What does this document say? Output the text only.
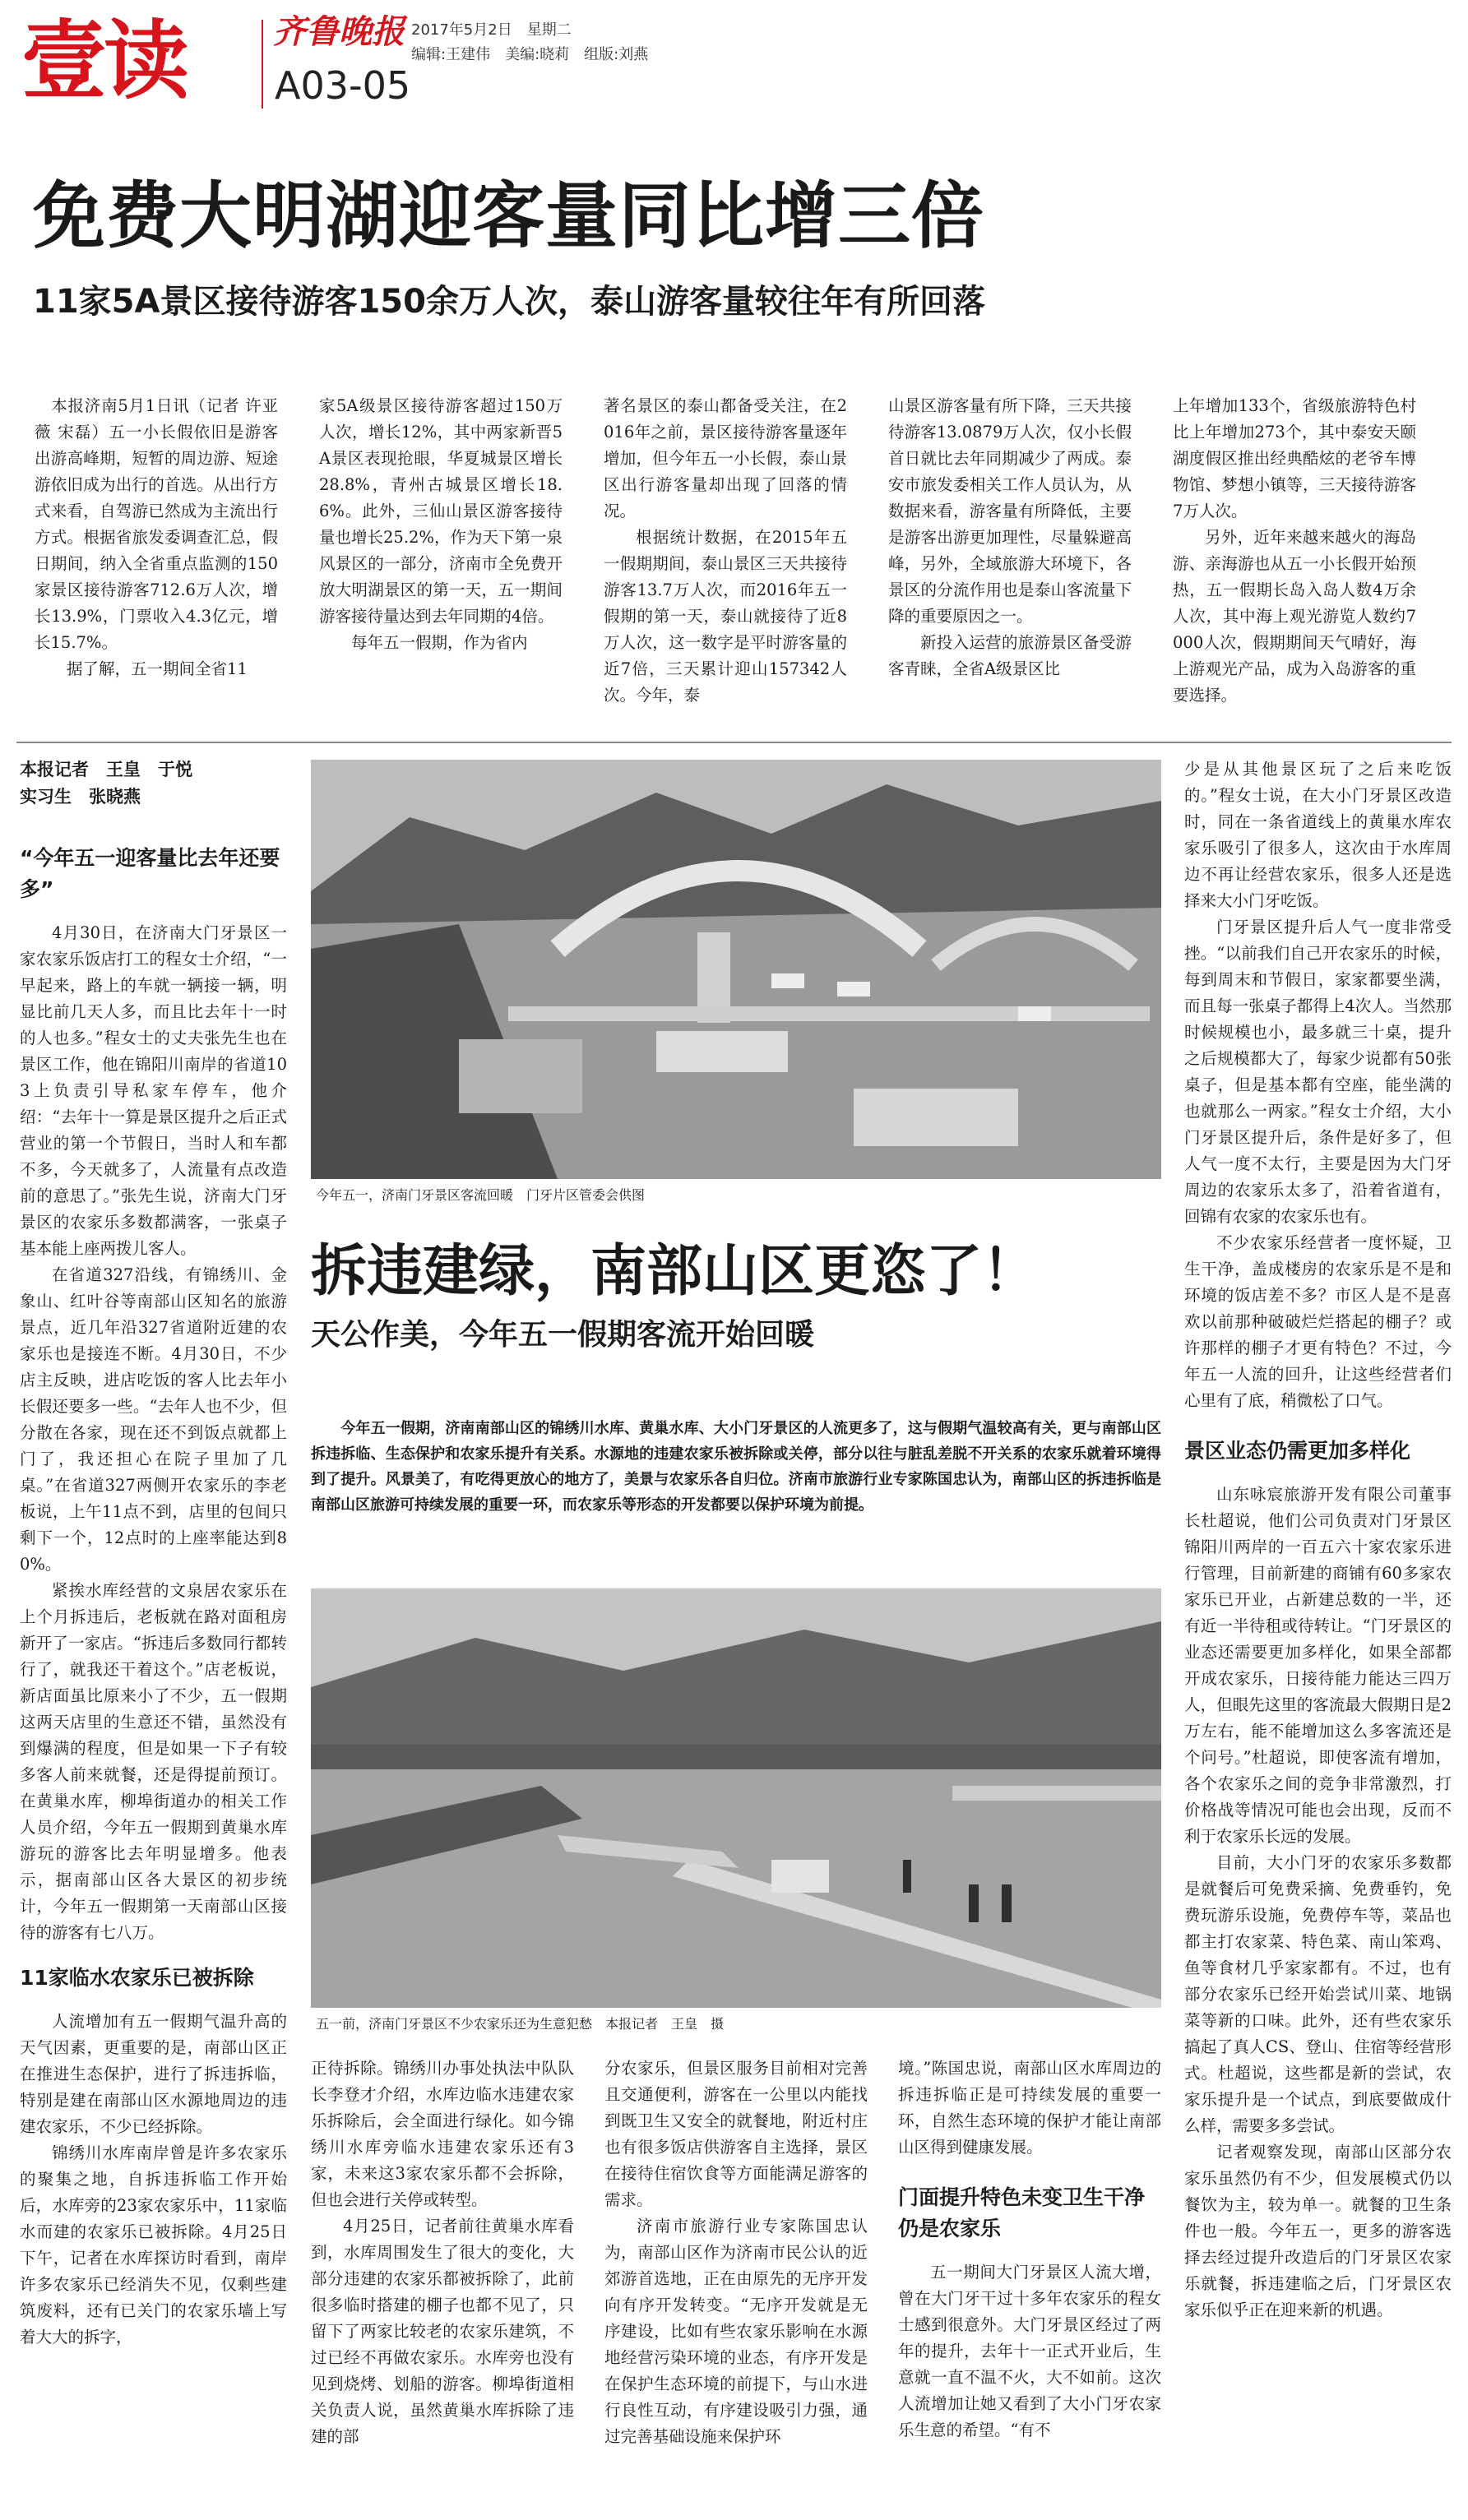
壹读	齐鲁晚报
A03-05
2017年5月2日　星期二
编辑:王建伟　美编:晓莉　组版:刘燕
免费大明湖迎客量同比增三倍
11家5A景区接待游客150余万人次，泰山游客量较往年有所回落

　本报济南5月1日讯（记者 许亚薇 宋磊）五一小长假依旧是游客出游高峰期，短暂的周边游、短途游依旧成为出行的首选。从出行方式来看，自驾游已然成为主流出行方式。根据省旅发委调查汇总，假日期间，纳入全省重点监测的150家景区接待游客712.6万人次，增长13.9%，门票收入4.3亿元，增长15.7%。

据了解，五一期间全省11

家5A级景区接待游客超过150万人次，增长12%，其中两家新晋5A景区表现抢眼，华夏城景区增长28.8%，青州古城景区增长18.6%。此外，三仙山景区游客接待量也增长25.2%，作为天下第一泉风景区的一部分，济南市全免费开放大明湖景区的第一天，五一期间游客接待量达到去年同期的4倍。

每年五一假期，作为省内

著名景区的泰山都备受关注，在2016年之前，景区接待游客量逐年增加，但今年五一小长假，泰山景区出行游客量却出现了回落的情况。

根据统计数据，在2015年五一假期期间，泰山景区三天共接待游客13.7万人次，而2016年五一假期的第一天，泰山就接待了近8万人次，这一数字是平时游客量的近7倍，三天累计迎山157342人次。今年，泰

山景区游客量有所下降，三天共接待游客13.0879万人次，仅小长假首日就比去年同期减少了两成。泰安市旅发委相关工作人员认为，从数据来看，游客量有所降低，主要是游客出游更加理性，尽量躲避高峰，另外，全域旅游大环境下，各景区的分流作用也是泰山客流量下降的重要原因之一。

新投入运营的旅游景区备受游客青睐，全省A级景区比

上年增加133个，省级旅游特色村比上年增加273个，其中泰安天颐湖度假区推出经典酷炫的老爷车博物馆、梦想小镇等，三天接待游客7万人次。

另外，近年来越来越火的海岛游、亲海游也从五一小长假开始预热，五一假期长岛入岛人数4万余人次，其中海上观光游览人数约7000人次，假期期间天气晴好，海上游观光产品，成为入岛游客的重要选择。

本报记者　王皇　于悦
实习生　张晓燕

“今年五一迎客量比去年还要多”

4月30日，在济南大门牙景区一家农家乐饭店打工的程女士介绍，“一早起来，路上的车就一辆接一辆，明显比前几天人多，而且比去年十一时的人也多。”程女士的丈夫张先生也在景区工作，他在锦阳川南岸的省道103上负责引导私家车停车，他介绍：“去年十一算是景区提升之后正式营业的第一个节假日，当时人和车都不多，今天就多了，人流量有点改造前的意思了。”张先生说，济南大门牙景区的农家乐多数都满客，一张桌子基本能上座两拨儿客人。

在省道327沿线，有锦绣川、金象山、红叶谷等南部山区知名的旅游景点，近几年沿327省道附近建的农家乐也是接连不断。4月30日，不少店主反映，进店吃饭的客人比去年小长假还要多一些。“去年人也不少，但分散在各家，现在还不到饭点就都上门了，我还担心在院子里加了几桌。”在省道327两侧开农家乐的李老板说，上午11点不到，店里的包间只剩下一个，12点时的上座率能达到80%。

紧挨水库经营的文泉居农家乐在上个月拆违后，老板就在路对面租房新开了一家店。“拆违后多数同行都转行了，就我还干着这个。”店老板说，新店面虽比原来小了不少，五一假期这两天店里的生意还不错，虽然没有到爆满的程度，但是如果一下子有较多客人前来就餐，还是得提前预订。在黄巢水库，柳埠街道办的相关工作人员介绍，今年五一假期到黄巢水库游玩的游客比去年明显增多。他表示，据南部山区各大景区的初步统计，今年五一假期第一天南部山区接待的游客有七八万。

11家临水农家乐已被拆除

人流增加有五一假期气温升高的天气因素，更重要的是，南部山区正在推进生态保护，进行了拆违拆临，特别是建在南部山区水源地周边的违建农家乐，不少已经拆除。

锦绣川水库南岸曾是许多农家乐的聚集之地，自拆违拆临工作开始后，水库旁的23家农家乐中，11家临水而建的农家乐已被拆除。4月25日下午，记者在水库探访时看到，南岸许多农家乐已经消失不见，仅剩些建筑废料，还有已关门的农家乐墙上写着大大的拆字，

今年五一，济南门牙景区客流回暖　门牙片区管委会供图
拆违建绿，南部山区更恣了！
天公作美，今年五一假期客流开始回暖
　　今年五一假期，济南南部山区的锦绣川水库、黄巢水库、大小门牙景区的人流更多了，这与假期气温较高有关，更与南部山区拆违拆临、生态保护和农家乐提升有关系。水源地的违建农家乐被拆除或关停，部分以往与脏乱差脱不开关系的农家乐就着环境得到了提升。风景美了，有吃得更放心的地方了，美景与农家乐各自归位。济南市旅游行业专家陈国忠认为，南部山区的拆违拆临是南部山区旅游可持续发展的重要一环，而农家乐等形态的开发都要以保护环境为前提。
五一前，济南门牙景区不少农家乐还为生意犯愁　本报记者　王皇　摄

正待拆除。锦绣川办事处执法中队队长李登才介绍，水库边临水违建农家乐拆除后，会全面进行绿化。如今锦绣川水库旁临水违建农家乐还有3家，未来这3家农家乐都不会拆除，但也会进行关停或转型。

4月25日，记者前往黄巢水库看到，水库周围发生了很大的变化，大部分违建的农家乐都被拆除了，此前很多临时搭建的棚子也都不见了，只留下了两家比较老的农家乐建筑，不过已经不再做农家乐。水库旁也没有见到烧烤、划船的游客。柳埠街道相关负责人说，虽然黄巢水库拆除了违建的部

分农家乐，但景区服务目前相对完善且交通便利，游客在一公里以内能找到既卫生又安全的就餐地，附近村庄也有很多饭店供游客自主选择，景区在接待住宿饮食等方面能满足游客的需求。

济南市旅游行业专家陈国忠认为，南部山区作为济南市民公认的近郊游首选地，正在由原先的无序开发向有序开发转变。“无序开发就是无序建设，比如有些农家乐影响在水源地经营污染环境的业态，有序开发是在保护生态环境的前提下，与山水进行良性互动，有序建设吸引力强，通过完善基础设施来保护环

境。”陈国忠说，南部山区水库周边的拆违拆临正是可持续发展的重要一环，自然生态环境的保护才能让南部山区得到健康发展。

门面提升特色未变卫生干净仍是农家乐

五一期间大门牙景区人流大增，曾在大门牙干过十多年农家乐的程女士感到很意外。大门牙景区经过了两年的提升，去年十一正式开业后，生意就一直不温不火，大不如前。这次人流增加让她又看到了大小门牙农家乐生意的希望。“有不

少是从其他景区玩了之后来吃饭的。”程女士说，在大小门牙景区改造时，同在一条省道线上的黄巢水库农家乐吸引了很多人，这次由于水库周边不再让经营农家乐，很多人还是选择来大小门牙吃饭。

门牙景区提升后人气一度非常受挫。“以前我们自己开农家乐的时候，每到周末和节假日，家家都要坐满，而且每一张桌子都得上4次人。当然那时候规模也小，最多就三十桌，提升之后规模都大了，每家少说都有50张桌子，但是基本都有空座，能坐满的也就那么一两家。”程女士介绍，大小门牙景区提升后，条件是好多了，但人气一度不太行，主要是因为大门牙周边的农家乐太多了，沿着省道有，回锦有农家的农家乐也有。

不少农家乐经营者一度怀疑，卫生干净，盖成楼房的农家乐是不是和环境的饭店差不多？市区人是不是喜欢以前那种破破烂烂搭起的棚子？或许那样的棚子才更有特色？不过，今年五一人流的回升，让这些经营者们心里有了底，稍微松了口气。

景区业态仍需更加多样化

山东咏宸旅游开发有限公司董事长杜超说，他们公司负责对门牙景区锦阳川两岸的一百五六十家农家乐进行管理，目前新建的商铺有60多家农家乐已开业，占新建总数的一半，还有近一半待租或待转让。“门牙景区的业态还需要更加多样化，如果全部都开成农家乐，日接待能力能达三四万人，但眼先这里的客流最大假期日是2万左右，能不能增加这么多客流还是个问号。”杜超说，即使客流有增加，各个农家乐之间的竞争非常激烈，打价格战等情况可能也会出现，反而不利于农家乐长远的发展。

目前，大小门牙的农家乐多数都是就餐后可免费采摘、免费垂钓，免费玩游乐设施，免费停车等，菜品也都主打农家菜、特色菜、南山笨鸡、鱼等食材几乎家家都有。不过，也有部分农家乐已经开始尝试川菜、地锅菜等新的口味。此外，还有些农家乐搞起了真人CS、登山、住宿等经营形式。杜超说，这些都是新的尝试，农家乐提升是一个试点，到底要做成什么样，需要多多尝试。

记者观察发现，南部山区部分农家乐虽然仍有不少，但发展模式仍以餐饮为主，较为单一。就餐的卫生条件也一般。今年五一，更多的游客选择去经过提升改造后的门牙景区农家乐就餐，拆违建临之后，门牙景区农家乐似乎正在迎来新的机遇。
